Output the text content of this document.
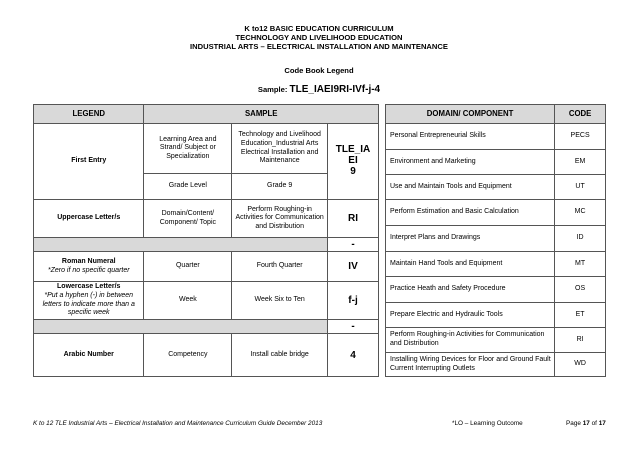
K to12 BASIC EDUCATION CURRICULUM
TECHNOLOGY AND LIVELIHOOD EDUCATION
INDUSTRIAL ARTS – ELECTRICAL INSTALLATION AND MAINTENANCE
Code Book Legend
Sample: TLE_IAEI9RI-IVf-j-4
LEGEND	SAMPLE		
First Entry	Learning Area and Strand/ Subject or Specialization	Technology and Livelihood Education_Industrial Arts Electrical Installation and Maintenance	TLE_IA
EI
9
	Grade Level	Grade 9	
Uppercase Letter/s	Domain/Content/ Component/ Topic	Perform Roughing-in Activities for Communication and Distribution	RI
			-

Roman Numeral
*Zero if no specific quarter	Quarter	Fourth Quarter	IV

Lowercase Letter/s
*Put a hyphen (-) in between letters to indicate more than a specific week	Week	Week Six to Ten	f-j
			-
Arabic Number	Competency	Install cable bridge	4
DOMAIN/ COMPONENT	CODE
Personal Entrepreneurial Skills	PECS
Environment and Marketing	EM
Use and Maintain Tools and Equipment	UT
Perform Estimation and Basic Calculation	MC
Interpret Plans and Drawings	ID
Maintain Hand Tools and Equipment	MT
Practice Heath and Safety Procedure	OS
Prepare Electric and Hydraulic Tools	ET
Perform Roughing-in Activities for Communication and Distribution	RI
Installing Wiring Devices for Floor and Ground Fault Current Interrupting Outlets	WD
K to 12 TLE Industrial Arts – Electrical Installation and Maintenance Curriculum Guide December 2013	*LO – Learning Outcome	Page 17 of 17
